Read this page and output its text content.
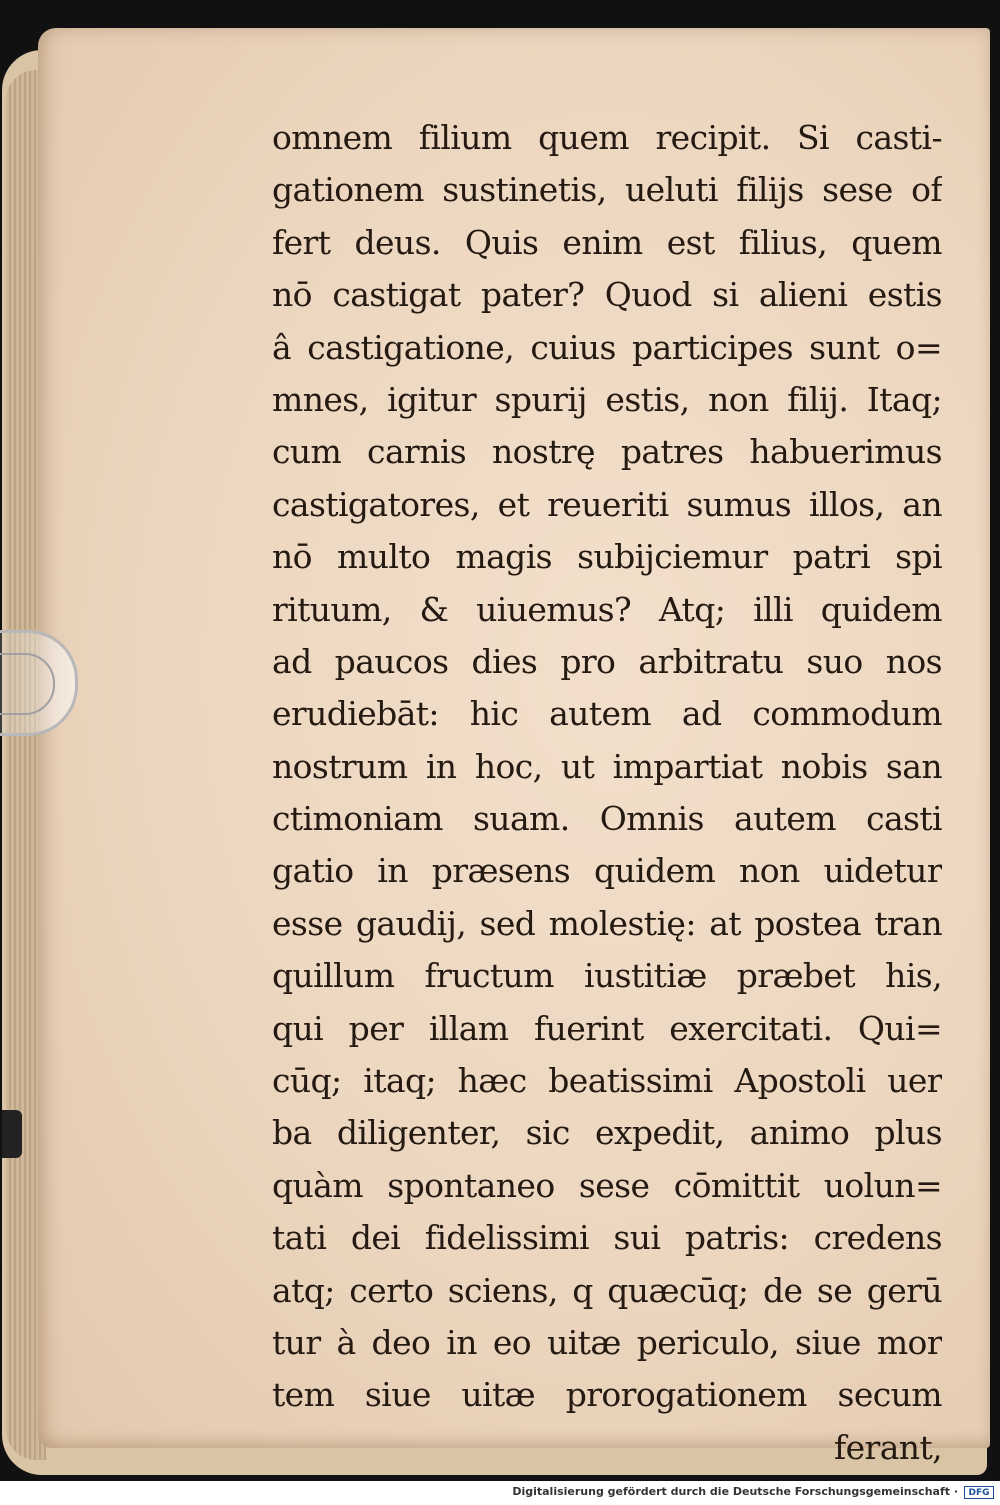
omnem filium quem recipit. Si casti-
gationem sustinetis, ueluti filijs sese of
fert deus. Quis enim est filius, quem
nō castigat pater? Quod si alieni estis
â castigatione, cuius participes sunt o=
mnes, igitur spurij estis, non filij. Itaq;
cum carnis nostrę patres habuerimus
castigatores, et reueriti sumus illos, an
nō multo magis subijciemur patri spi
rituum, & uiuemus? Atq; illi quidem
ad paucos dies pro arbitratu suo nos
erudiebāt: hic autem ad commodum
nostrum in hoc, ut impartiat nobis san
ctimoniam suam. Omnis autem casti
gatio in præsens quidem non uidetur
esse gaudij, sed molestię: at postea tran
quillum fructum iustitiæ præbet his,
qui per illam fuerint exercitati. Qui=
cūq; itaq; hæc beatissimi Apostoli uer
ba diligenter, sic expedit, animo plus
quàm spontaneo sese cōmittit uolun=
tati dei fidelissimi sui patris: credens
atq; certo sciens, q quæcūq; de se gerū
tur à deo in eo uitæ periculo, siue mor
tem siue uitæ prorogationem secum
ferant,
Digitalisierung gefördert durch die Deutsche Forschungsgemeinschaft ·	DFG
